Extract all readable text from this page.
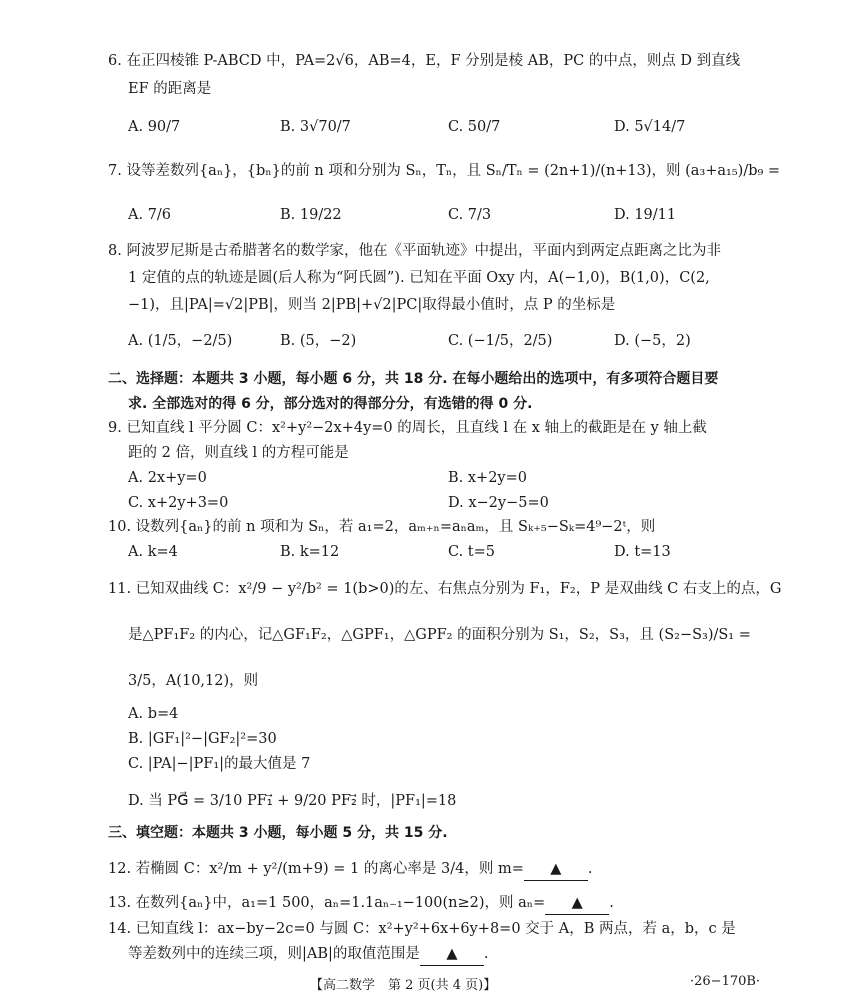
6. 在正四棱锥 P-ABCD 中，PA=2√6，AB=4，E，F 分别是棱 AB，PC 的中点，则点 D 到直线
EF 的距离是
A. 90/7	B. 3√70/7	C. 50/7	D. 5√14/7
7. 设等差数列{aₙ}，{bₙ}的前 n 项和分别为 Sₙ，Tₙ，且 Sₙ/Tₙ = (2n+1)/(n+13)，则 (a₃+a₁₅)/b₉ =
A. 7/6	B. 19/22	C. 7/3	D. 19/11
8. 阿波罗尼斯是古希腊著名的数学家，他在《平面轨迹》中提出，平面内到两定点距离之比为非
1 定值的点的轨迹是圆(后人称为“阿氏圆”). 已知在平面 Oxy 内，A(−1,0)，B(1,0)，C(2,
−1)，且|PA|=√2|PB|，则当 2|PB|+√2|PC|取得最小值时，点 P 的坐标是
A. (1/5，−2/5)	B. (5，−2)	C. (−1/5，2/5)	D. (−5，2)
二、选择题：本题共 3 小题，每小题 6 分，共 18 分. 在每小题给出的选项中，有多项符合题目要
求. 全部选对的得 6 分，部分选对的得部分分，有选错的得 0 分.
9. 已知直线 l 平分圆 C：x²+y²−2x+4y=0 的周长，且直线 l 在 x 轴上的截距是在 y 轴上截
距的 2 倍，则直线 l 的方程可能是
A. 2x+y=0	B. x+2y=0
C. x+2y+3=0	D. x−2y−5=0
10. 设数列{aₙ}的前 n 项和为 Sₙ，若 a₁=2，aₘ₊ₙ=aₙaₘ，且 Sₖ₊₅−Sₖ=4⁹−2ᵗ，则
A. k=4	B. k=12	C. t=5	D. t=13
11. 已知双曲线 C：x²/9 − y²/b² = 1(b>0)的左、右焦点分别为 F₁，F₂，P 是双曲线 C 右支上的点，G
是△PF₁F₂ 的内心，记△GF₁F₂，△GPF₁，△GPF₂ 的面积分别为 S₁，S₂，S₃，且 (S₂−S₃)/S₁ =
3/5，A(10,12)，则
A. b=4
B. |GF₁|²−|GF₂|²=30
C. |PA|−|PF₁|的最大值是 7
D. 当 PG⃗ = 3/10 PF₁⃗ + 9/20 PF₂⃗ 时，|PF₁|=18
三、填空题：本题共 3 小题，每小题 5 分，共 15 分.
12. 若椭圆 C：x²/m + y²/(m+9) = 1 的离心率是 3/4，则 m= ▲ .
13. 在数列{aₙ}中，a₁=1 500，aₙ=1.1aₙ₋₁−100(n≥2)，则 aₙ= ▲ .
14. 已知直线 l：ax−by−2c=0 与圆 C：x²+y²+6x+6y+8=0 交于 A，B 两点，若 a，b，c 是
等差数列中的连续三项，则|AB|的取值范围是 ▲ .
【高二数学　第 2 页(共 4 页)】	·26−170B·
